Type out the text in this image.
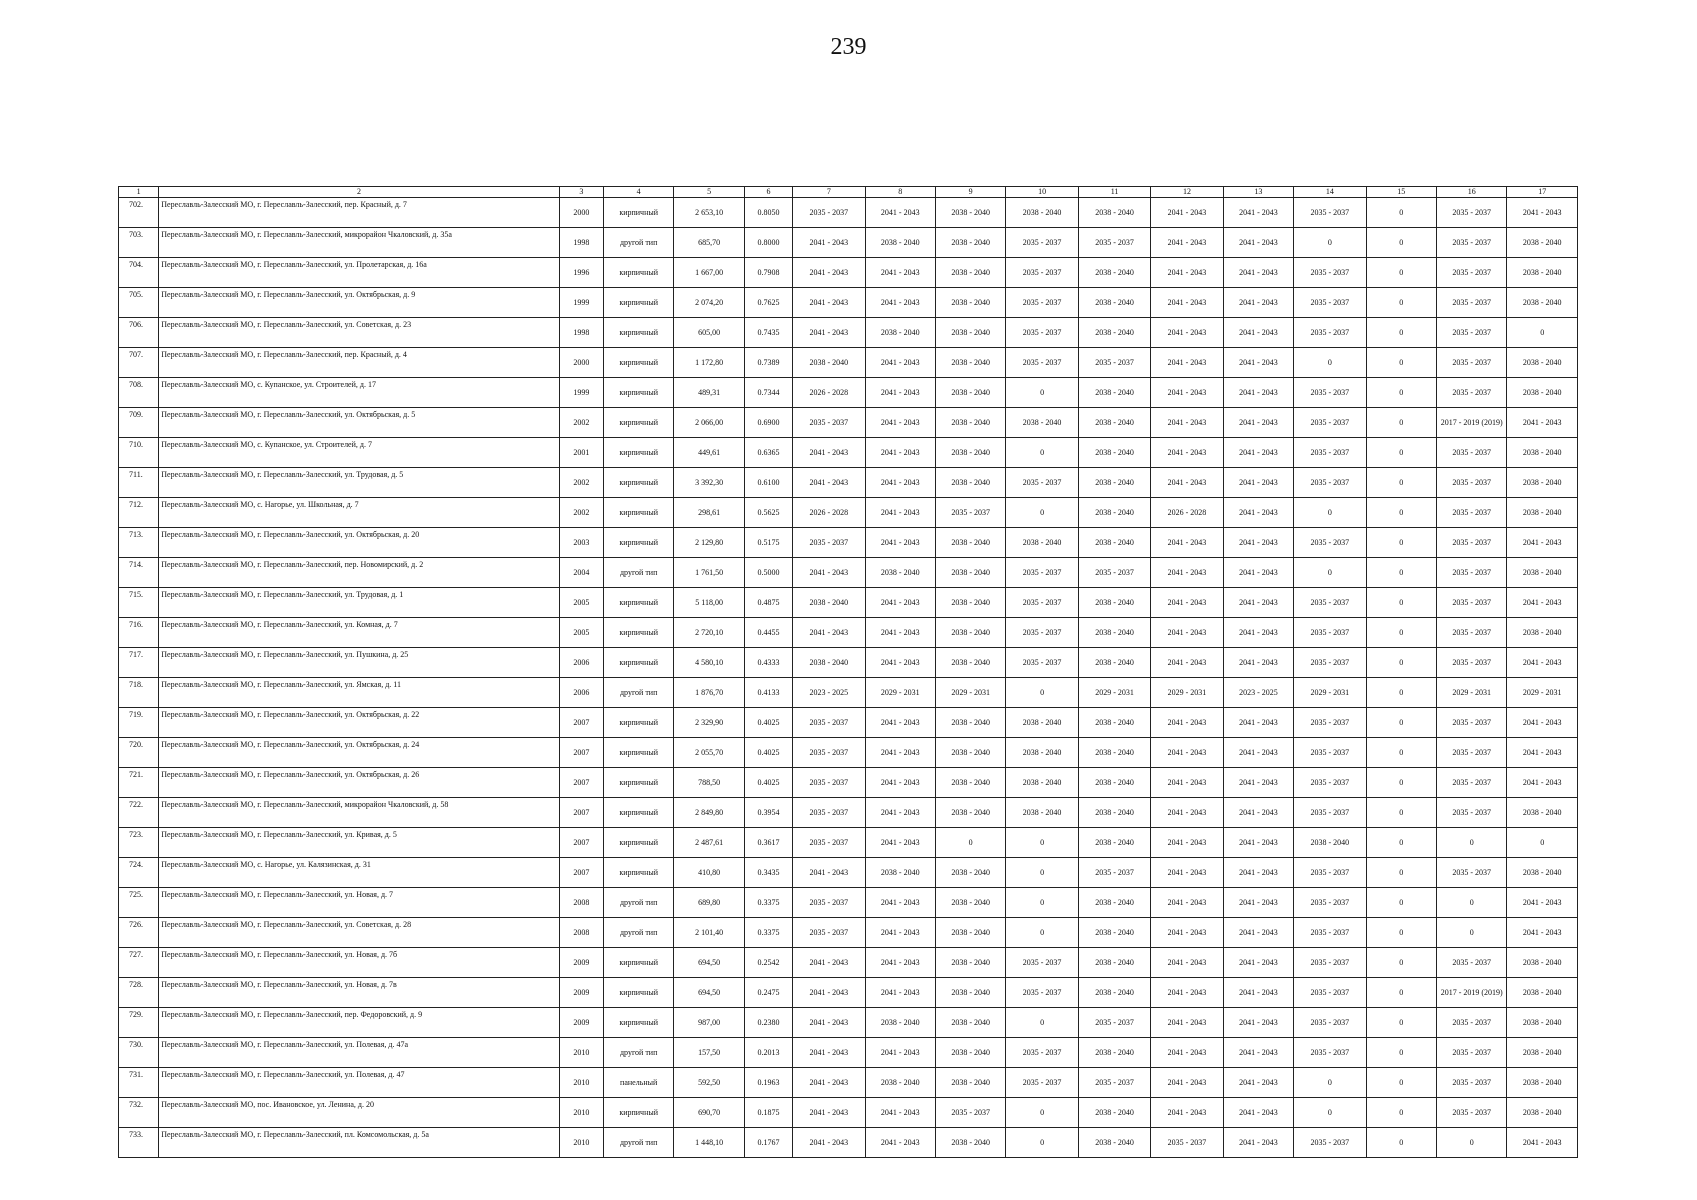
239
1	2	3	4	5	6	7	8	9	10	11	12	13	14	15	16	17
702.	Переславль-Залесский МО, г. Переславль-Залесский, пер. Красный, д. 7	2000	кирпичный	2 653,10	0.8050	2035 - 2037	2041 - 2043	2038 - 2040	2038 - 2040	2038 - 2040	2041 - 2043	2041 - 2043	2035 - 2037	0	2035 - 2037	2041 - 2043
703.	Переславль-Залесский МО, г. Переславль-Залесский, микрорайон Чкаловский, д. 35а	1998	другой тип	685,70	0.8000	2041 - 2043	2038 - 2040	2038 - 2040	2035 - 2037	2035 - 2037	2041 - 2043	2041 - 2043	0	0	2035 - 2037	2038 - 2040
704.	Переславль-Залесский МО, г. Переславль-Залесский, ул. Пролетарская, д. 16а	1996	кирпичный	1 667,00	0.7908	2041 - 2043	2041 - 2043	2038 - 2040	2035 - 2037	2038 - 2040	2041 - 2043	2041 - 2043	2035 - 2037	0	2035 - 2037	2038 - 2040
705.	Переславль-Залесский МО, г. Переславль-Залесский, ул. Октябрьская, д. 9	1999	кирпичный	2 074,20	0.7625	2041 - 2043	2041 - 2043	2038 - 2040	2035 - 2037	2038 - 2040	2041 - 2043	2041 - 2043	2035 - 2037	0	2035 - 2037	2038 - 2040
706.	Переславль-Залесский МО, г. Переславль-Залесский, ул. Советская, д. 23	1998	кирпичный	605,00	0.7435	2041 - 2043	2038 - 2040	2038 - 2040	2035 - 2037	2038 - 2040	2041 - 2043	2041 - 2043	2035 - 2037	0	2035 - 2037	0
707.	Переславль-Залесский МО, г. Переславль-Залесский, пер. Красный, д. 4	2000	кирпичный	1 172,80	0.7389	2038 - 2040	2041 - 2043	2038 - 2040	2035 - 2037	2035 - 2037	2041 - 2043	2041 - 2043	0	0	2035 - 2037	2038 - 2040
708.	Переславль-Залесский МО, с. Купанское, ул. Строителей, д. 17	1999	кирпичный	489,31	0.7344	2026 - 2028	2041 - 2043	2038 - 2040	0	2038 - 2040	2041 - 2043	2041 - 2043	2035 - 2037	0	2035 - 2037	2038 - 2040
709.	Переславль-Залесский МО, г. Переславль-Залесский, ул. Октябрьская, д. 5	2002	кирпичный	2 066,00	0.6900	2035 - 2037	2041 - 2043	2038 - 2040	2038 - 2040	2038 - 2040	2041 - 2043	2041 - 2043	2035 - 2037	0	2017 - 2019 (2019)	2041 - 2043
710.	Переславль-Залесский МО, с. Купанское, ул. Строителей, д. 7	2001	кирпичный	449,61	0.6365	2041 - 2043	2041 - 2043	2038 - 2040	0	2038 - 2040	2041 - 2043	2041 - 2043	2035 - 2037	0	2035 - 2037	2038 - 2040
711.	Переславль-Залесский МО, г. Переславль-Залесский, ул. Трудовая, д. 5	2002	кирпичный	3 392,30	0.6100	2041 - 2043	2041 - 2043	2038 - 2040	2035 - 2037	2038 - 2040	2041 - 2043	2041 - 2043	2035 - 2037	0	2035 - 2037	2038 - 2040
712.	Переславль-Залесский МО, с. Нагорье, ул. Школьная, д. 7	2002	кирпичный	298,61	0.5625	2026 - 2028	2041 - 2043	2035 - 2037	0	2038 - 2040	2026 - 2028	2041 - 2043	0	0	2035 - 2037	2038 - 2040
713.	Переславль-Залесский МО, г. Переславль-Залесский, ул. Октябрьская, д. 20	2003	кирпичный	2 129,80	0.5175	2035 - 2037	2041 - 2043	2038 - 2040	2038 - 2040	2038 - 2040	2041 - 2043	2041 - 2043	2035 - 2037	0	2035 - 2037	2041 - 2043
714.	Переславль-Залесский МО, г. Переславль-Залесский, пер. Новомирский, д. 2	2004	другой тип	1 761,50	0.5000	2041 - 2043	2038 - 2040	2038 - 2040	2035 - 2037	2035 - 2037	2041 - 2043	2041 - 2043	0	0	2035 - 2037	2038 - 2040
715.	Переславль-Залесский МО, г. Переславль-Залесский, ул. Трудовая, д. 1	2005	кирпичный	5 118,00	0.4875	2038 - 2040	2041 - 2043	2038 - 2040	2035 - 2037	2038 - 2040	2041 - 2043	2041 - 2043	2035 - 2037	0	2035 - 2037	2041 - 2043
716.	Переславль-Залесский МО, г. Переславль-Залесский, ул. Комная, д. 7	2005	кирпичный	2 720,10	0.4455	2041 - 2043	2041 - 2043	2038 - 2040	2035 - 2037	2038 - 2040	2041 - 2043	2041 - 2043	2035 - 2037	0	2035 - 2037	2038 - 2040
717.	Переславль-Залесский МО, г. Переславль-Залесский, ул. Пушкина, д. 25	2006	кирпичный	4 580,10	0.4333	2038 - 2040	2041 - 2043	2038 - 2040	2035 - 2037	2038 - 2040	2041 - 2043	2041 - 2043	2035 - 2037	0	2035 - 2037	2041 - 2043
718.	Переславль-Залесский МО, г. Переславль-Залесский, ул. Ямская, д. 11	2006	другой тип	1 876,70	0.4133	2023 - 2025	2029 - 2031	2029 - 2031	0	2029 - 2031	2029 - 2031	2023 - 2025	2029 - 2031	0	2029 - 2031	2029 - 2031
719.	Переславль-Залесский МО, г. Переславль-Залесский, ул. Октябрьская, д. 22	2007	кирпичный	2 329,90	0.4025	2035 - 2037	2041 - 2043	2038 - 2040	2038 - 2040	2038 - 2040	2041 - 2043	2041 - 2043	2035 - 2037	0	2035 - 2037	2041 - 2043
720.	Переславль-Залесский МО, г. Переславль-Залесский, ул. Октябрьская, д. 24	2007	кирпичный	2 055,70	0.4025	2035 - 2037	2041 - 2043	2038 - 2040	2038 - 2040	2038 - 2040	2041 - 2043	2041 - 2043	2035 - 2037	0	2035 - 2037	2041 - 2043
721.	Переславль-Залесский МО, г. Переславль-Залесский, ул. Октябрьская, д. 26	2007	кирпичный	788,50	0.4025	2035 - 2037	2041 - 2043	2038 - 2040	2038 - 2040	2038 - 2040	2041 - 2043	2041 - 2043	2035 - 2037	0	2035 - 2037	2041 - 2043
722.	Переславль-Залесский МО, г. Переславль-Залесский, микрорайон Чкаловский, д. 58	2007	кирпичный	2 849,80	0.3954	2035 - 2037	2041 - 2043	2038 - 2040	2038 - 2040	2038 - 2040	2041 - 2043	2041 - 2043	2035 - 2037	0	2035 - 2037	2038 - 2040
723.	Переславль-Залесский МО, г. Переславль-Залесский, ул. Кривая, д. 5	2007	кирпичный	2 487,61	0.3617	2035 - 2037	2041 - 2043	0	0	2038 - 2040	2041 - 2043	2041 - 2043	2038 - 2040	0	0	0
724.	Переславль-Залесский МО, с. Нагорье, ул. Калязинская, д. 31	2007	кирпичный	410,80	0.3435	2041 - 2043	2038 - 2040	2038 - 2040	0	2035 - 2037	2041 - 2043	2041 - 2043	2035 - 2037	0	2035 - 2037	2038 - 2040
725.	Переславль-Залесский МО, г. Переславль-Залесский, ул. Новая, д. 7	2008	другой тип	689,80	0.3375	2035 - 2037	2041 - 2043	2038 - 2040	0	2038 - 2040	2041 - 2043	2041 - 2043	2035 - 2037	0	0	2041 - 2043
726.	Переславль-Залесский МО, г. Переславль-Залесский, ул. Советская, д. 28	2008	другой тип	2 101,40	0.3375	2035 - 2037	2041 - 2043	2038 - 2040	0	2038 - 2040	2041 - 2043	2041 - 2043	2035 - 2037	0	0	2041 - 2043
727.	Переславль-Залесский МО, г. Переславль-Залесский, ул. Новая, д. 7б	2009	кирпичный	694,50	0.2542	2041 - 2043	2041 - 2043	2038 - 2040	2035 - 2037	2038 - 2040	2041 - 2043	2041 - 2043	2035 - 2037	0	2035 - 2037	2038 - 2040
728.	Переславль-Залесский МО, г. Переславль-Залесский, ул. Новая, д. 7в	2009	кирпичный	694,50	0.2475	2041 - 2043	2041 - 2043	2038 - 2040	2035 - 2037	2038 - 2040	2041 - 2043	2041 - 2043	2035 - 2037	0	2017 - 2019 (2019)	2038 - 2040
729.	Переславль-Залесский МО, г. Переславль-Залесский, пер. Федоровский, д. 9	2009	кирпичный	987,00	0.2380	2041 - 2043	2038 - 2040	2038 - 2040	0	2035 - 2037	2041 - 2043	2041 - 2043	2035 - 2037	0	2035 - 2037	2038 - 2040
730.	Переславль-Залесский МО, г. Переславль-Залесский, ул. Полевая, д. 47а	2010	другой тип	157,50	0.2013	2041 - 2043	2041 - 2043	2038 - 2040	2035 - 2037	2038 - 2040	2041 - 2043	2041 - 2043	2035 - 2037	0	2035 - 2037	2038 - 2040
731.	Переславль-Залесский МО, г. Переславль-Залесский, ул. Полевая, д. 47	2010	панельный	592,50	0.1963	2041 - 2043	2038 - 2040	2038 - 2040	2035 - 2037	2035 - 2037	2041 - 2043	2041 - 2043	0	0	2035 - 2037	2038 - 2040
732.	Переславль-Залесский МО, пос. Ивановское, ул. Ленина, д. 20	2010	кирпичный	690,70	0.1875	2041 - 2043	2041 - 2043	2035 - 2037	0	2038 - 2040	2041 - 2043	2041 - 2043	0	0	2035 - 2037	2038 - 2040
733.	Переславль-Залесский МО, г. Переславль-Залесский, пл. Комсомольская, д. 5а	2010	другой тип	1 448,10	0.1767	2041 - 2043	2041 - 2043	2038 - 2040	0	2038 - 2040	2035 - 2037	2041 - 2043	2035 - 2037	0	0	2041 - 2043
